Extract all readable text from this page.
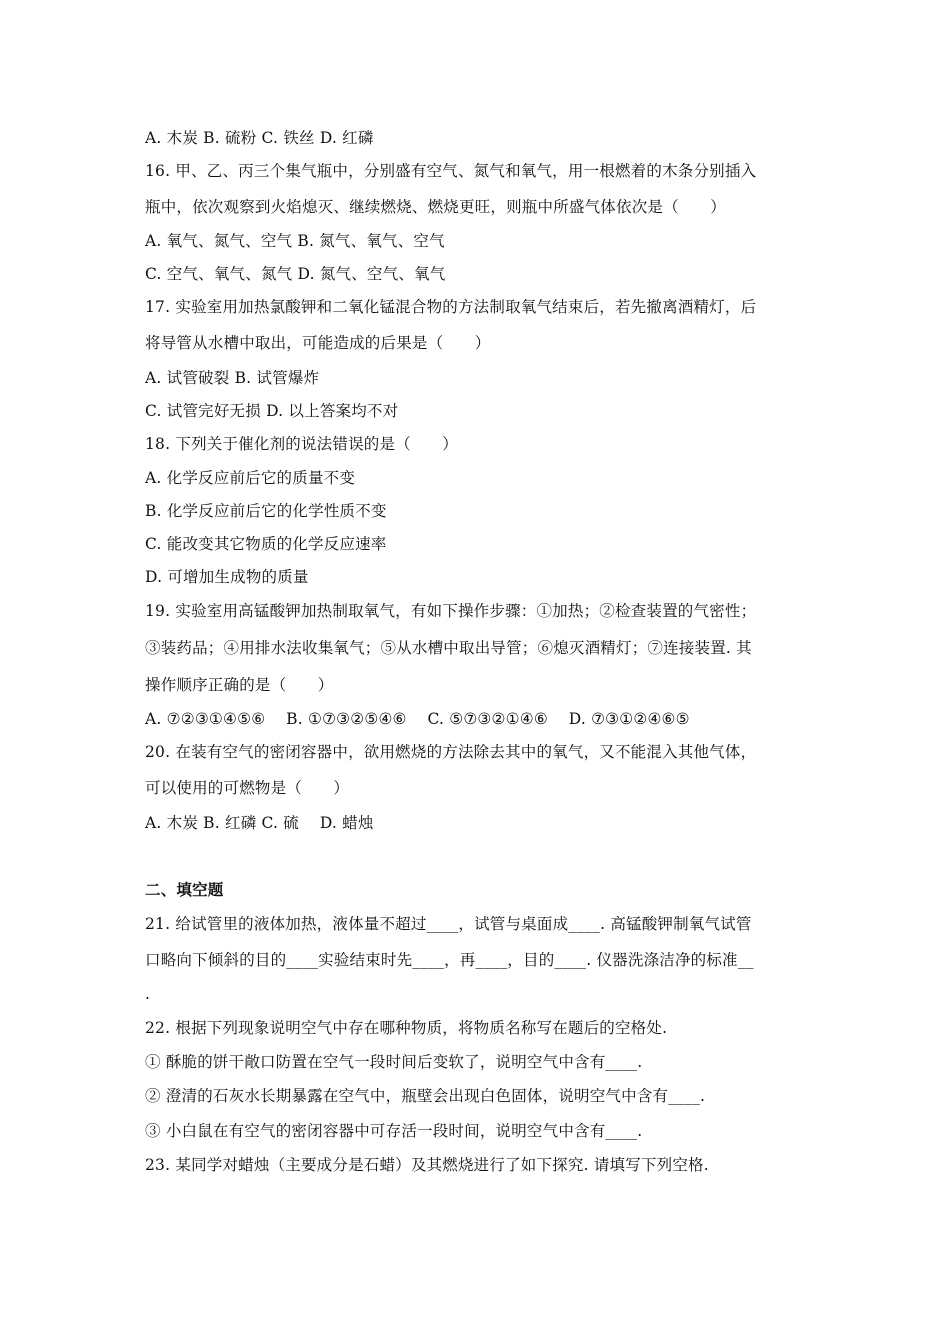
A. 木炭 B. 硫粉 C. 铁丝 D. 红磷
16. 甲、乙、丙三个集气瓶中，分别盛有空气、氮气和氧气，用一根燃着的木条分别插入
瓶中，依次观察到火焰熄灭、继续燃烧、燃烧更旺，则瓶中所盛气体依次是（　　）
A. 氧气、氮气、空气 B. 氮气、氧气、空气
C. 空气、氧气、氮气 D. 氮气、空气、氧气
17. 实验室用加热氯酸钾和二氧化锰混合物的方法制取氧气结束后，若先撤离酒精灯，后
将导管从水槽中取出，可能造成的后果是（　　）
A. 试管破裂 B. 试管爆炸
C. 试管完好无损 D. 以上答案均不对
18. 下列关于催化剂的说法错误的是（　　）
A. 化学反应前后它的质量不变
B. 化学反应前后它的化学性质不变
C. 能改变其它物质的化学反应速率
D. 可增加生成物的质量
19. 实验室用高锰酸钾加热制取氧气，有如下操作步骤：①加热；②检查装置的气密性；
③装药品；④用排水法收集氧气；⑤从水槽中取出导管；⑥熄灭酒精灯；⑦连接装置. 其
操作顺序正确的是（　　）
A. ⑦②③①④⑤⑥　 B. ①⑦③②⑤④⑥　 C. ⑤⑦③②①④⑥　 D. ⑦③①②④⑥⑤
20. 在装有空气的密闭容器中，欲用燃烧的方法除去其中的氧气，又不能混入其他气体，
可以使用的可燃物是（　　）
A. 木炭 B. 红磷 C. 硫　 D. 蜡烛
二、填空题
21. 给试管里的液体加热，液体量不超过____，试管与桌面成____. 高锰酸钾制氧气试管
口略向下倾斜的目的____实验结束时先____，再____，目的____. 仪器洗涤洁净的标准__
.
22. 根据下列现象说明空气中存在哪种物质，将物质名称写在题后的空格处.
① 酥脆的饼干敞口防置在空气一段时间后变软了，说明空气中含有____.
② 澄清的石灰水长期暴露在空气中，瓶壁会出现白色固体，说明空气中含有____.
③ 小白鼠在有空气的密闭容器中可存活一段时间，说明空气中含有____.
23. 某同学对蜡烛（主要成分是石蜡）及其燃烧进行了如下探究. 请填写下列空格.
